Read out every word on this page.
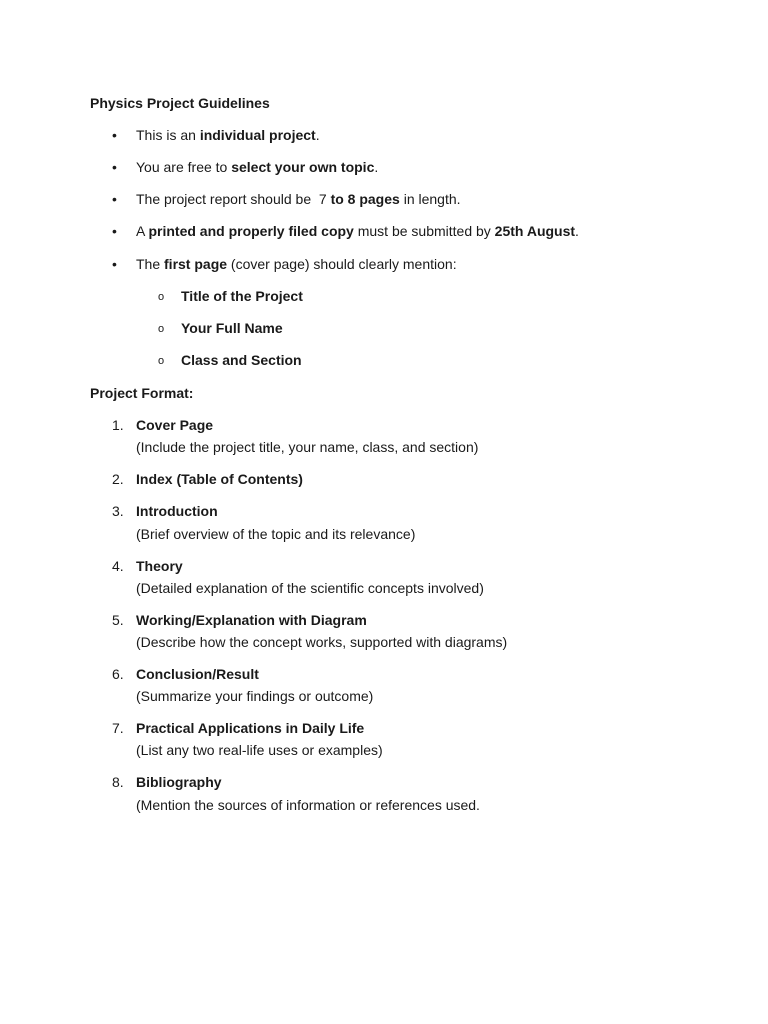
Physics Project Guidelines
• This is an individual project.
• You are free to select your own topic.
• The project report should be  7 to 8 pages in length.
• A printed and properly filed copy must be submitted by 25th August.
• The first page (cover page) should clearly mention:
o Title of the Project
o Your Full Name
o Class and Section
Project Format:
1. Cover Page
(Include the project title, your name, class, and section)
2. Index (Table of Contents)
3. Introduction
(Brief overview of the topic and its relevance)
4. Theory
(Detailed explanation of the scientific concepts involved)
5. Working/Explanation with Diagram
(Describe how the concept works, supported with diagrams)
6. Conclusion/Result
(Summarize your findings or outcome)
7. Practical Applications in Daily Life
(List any two real-life uses or examples)
8. Bibliography
(Mention the sources of information or references used.
